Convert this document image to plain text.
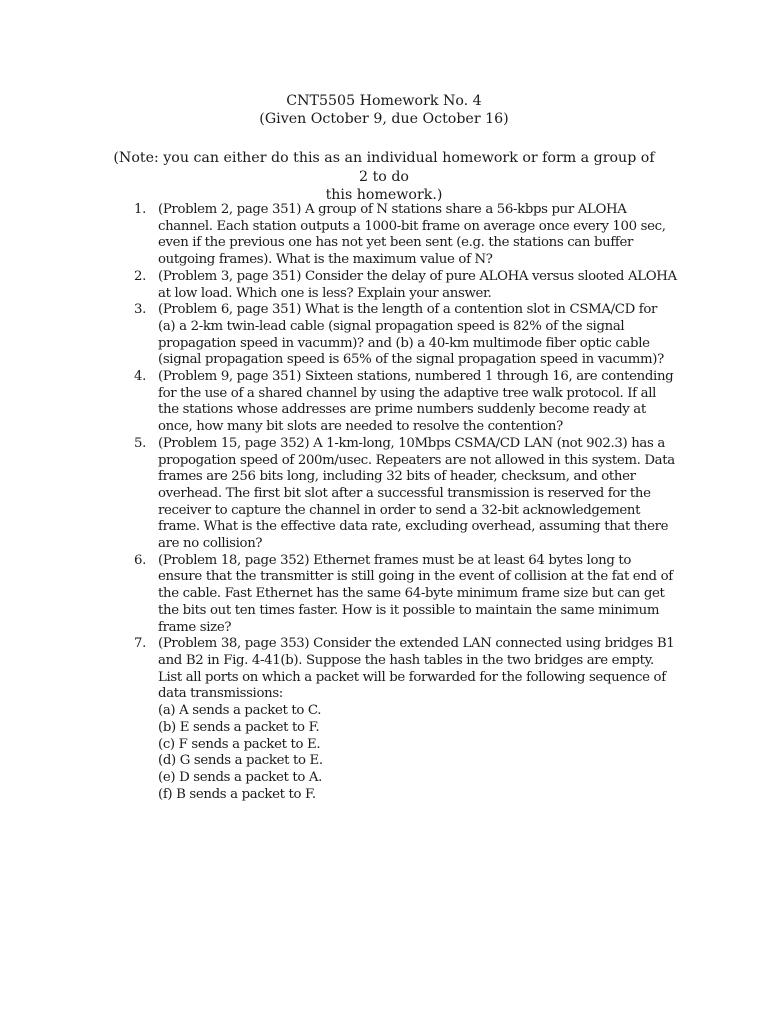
CNT5505 Homework No. 4
(Given October 9, due October 16)
(Note: you can either do this as an individual homework or form a group of 2 to do
this homework.)
1. (Problem 2, page 351) A group of N stations share a 56-kbps pur ALOHA channel. Each station outputs a 1000-bit frame on average once every 100 sec, even if the previous one has not yet been sent (e.g. the stations can buffer outgoing frames). What is the maximum value of N?
2. (Problem 3, page 351) Consider the delay of pure ALOHA versus slooted ALOHA at low load. Which one is less? Explain your answer.
3. (Problem 6, page 351) What is the length of a contention slot in CSMA/CD for (a) a 2-km twin-lead cable (signal propagation speed is 82% of the signal propagation speed in vacumm)? and (b) a 40-km multimode fiber optic cable (signal propagation speed is 65% of the signal propagation speed in vacumm)?
4. (Problem 9, page 351) Sixteen stations, numbered 1 through 16, are contending for the use of a shared channel by using the adaptive tree walk protocol. If all the stations whose addresses are prime numbers suddenly become ready at once, how many bit slots are needed to resolve the contention?
5. (Problem 15, page 352) A 1-km-long, 10Mbps CSMA/CD LAN (not 902.3) has a propogation speed of 200m/usec. Repeaters are not allowed in this system. Data frames are 256 bits long, including 32 bits of header, checksum, and other overhead. The first bit slot after a successful transmission is reserved for the receiver to capture the channel in order to send a 32-bit acknowledgement frame. What is the effective data rate, excluding overhead, assuming that there are no collision?
6. (Problem 18, page 352) Ethernet frames must be at least 64 bytes long to ensure that the transmitter is still going in the event of collision at the fat end of the cable. Fast Ethernet has the same 64-byte minimum frame size but can get the bits out ten times faster. How is it possible to maintain the same minimum frame size?
7. (Problem 38, page 353) Consider the extended LAN connected using bridges B1 and B2 in Fig. 4-41(b). Suppose the hash tables in the two bridges are empty. List all ports on which a packet will be forwarded for the following sequence of data transmissions:
(a) A sends a packet to C.
(b) E sends a packet to F.
(c) F sends a packet to E.
(d) G sends a packet to E.
(e) D sends a packet to A.
(f) B sends a packet to F.
